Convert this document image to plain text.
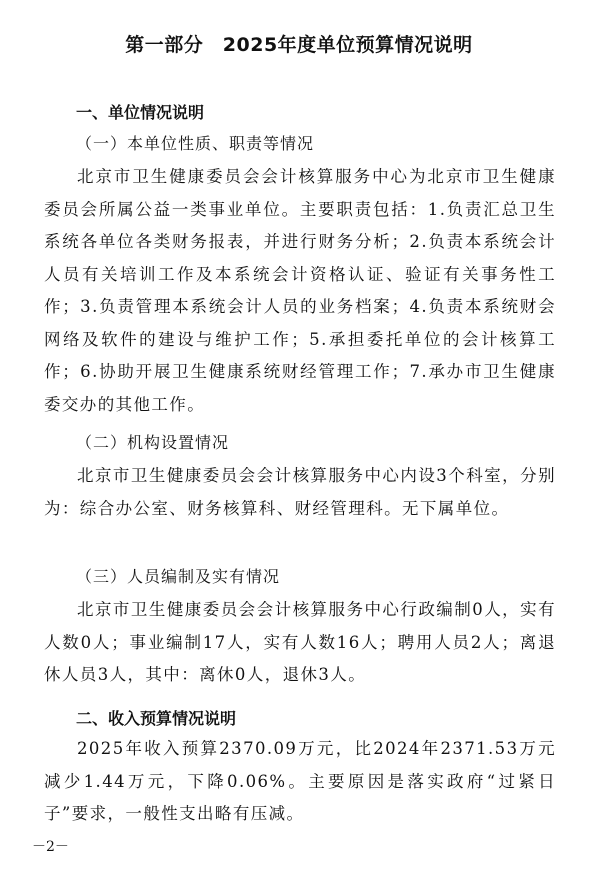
第一部分　2025年度单位预算情况说明
一、单位情况说明
（一）本单位性质、职责等情况

北京市卫生健康委员会会计核算服务中心为北京市卫生健康委员会所属公益一类事业单位。主要职责包括：1.负责汇总卫生系统各单位各类财务报表，并进行财务分析；2.负责本系统会计人员有关培训工作及本系统会计资格认证、验证有关事务性工作；3.负责管理本系统会计人员的业务档案；4.负责本系统财会网络及软件的建设与维护工作；5.承担委托单位的会计核算工作；6.协助开展卫生健康系统财经管理工作；7.承办市卫生健康委交办的其他工作。

（二）机构设置情况

北京市卫生健康委员会会计核算服务中心内设3个科室，分别为：综合办公室、财务核算科、财经管理科。无下属单位。

（三）人员编制及实有情况

北京市卫生健康委员会会计核算服务中心行政编制0人，实有人数0人；事业编制17人，实有人数16人；聘用人员2人；离退休人员3人，其中：离休0人，退休3人。

二、收入预算情况说明

2025年收入预算2370.09万元，比2024年2371.53万元减少1.44万元，下降0.06%。主要原因是落实政府“过紧日子”要求，一般性支出略有压减。

－2－
